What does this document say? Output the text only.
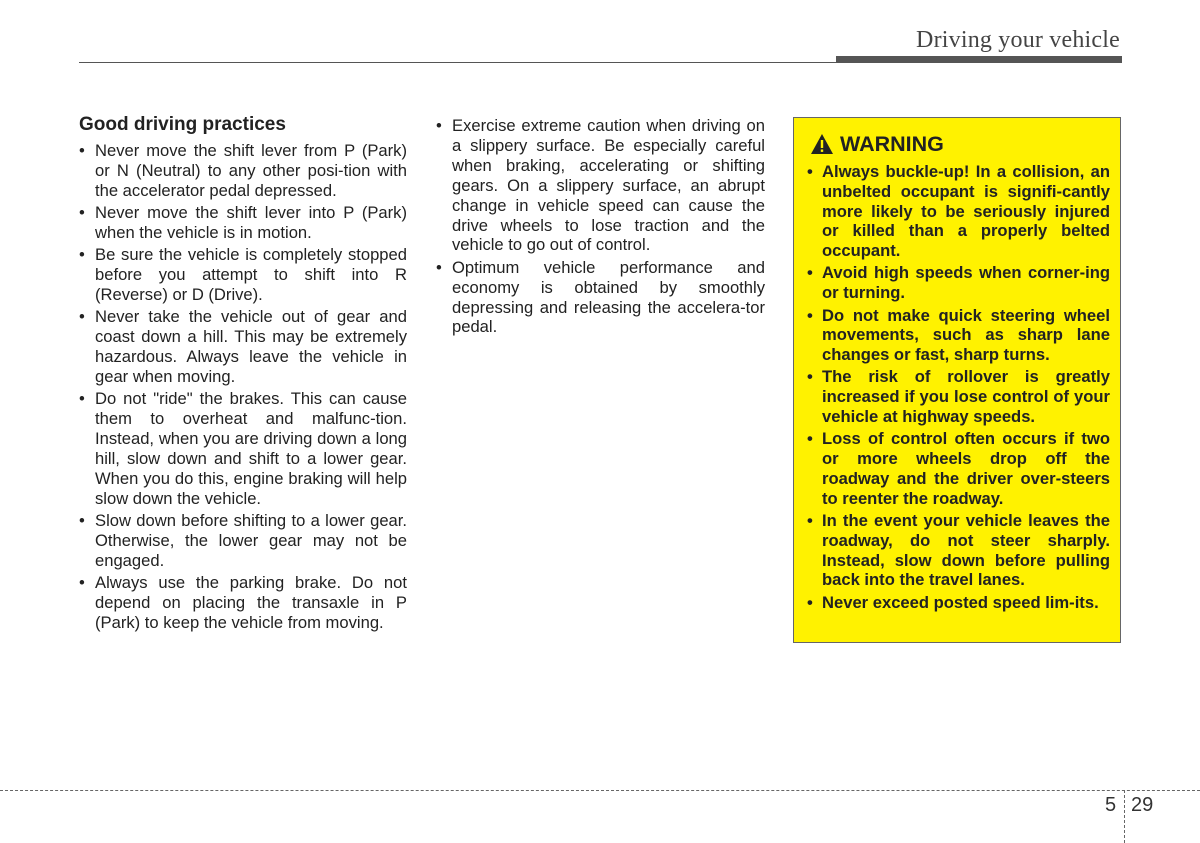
Driving your vehicle
Good driving practices
• Never move the shift lever from P (Park) or N (Neutral) to any other posi-tion with the accelerator pedal depressed.
• Never move the shift lever into P (Park) when the vehicle is in motion.
• Be sure the vehicle is completely stopped before you attempt to shift into R (Reverse) or D (Drive).
• Never take the vehicle out of gear and coast down a hill. This may be extremely hazardous. Always leave the vehicle in gear when moving.
• Do not "ride" the brakes. This can cause them to overheat and malfunc-tion. Instead, when you are driving down a long hill, slow down and shift to a lower gear. When you do this, engine braking will help slow down the vehicle.
• Slow down before shifting to a lower gear. Otherwise, the lower gear may not be engaged.
• Always use the parking brake. Do not depend on placing the transaxle in P (Park) to keep the vehicle from moving.
• Exercise extreme caution when driving on a slippery surface. Be especially careful when braking, accelerating or shifting gears. On a slippery surface, an abrupt change in vehicle speed can cause the drive wheels to lose traction and the vehicle to go out of control.
• Optimum vehicle performance and economy is obtained by smoothly depressing and releasing the accelera-tor pedal.
WARNING
• Always buckle-up! In a collision, an unbelted occupant is signifi-cantly more likely to be seriously injured or killed than a properly belted occupant.
• Avoid high speeds when corner-ing or turning.
• Do not make quick steering wheel movements, such as sharp lane changes or fast, sharp turns.
• The risk of rollover is greatly increased if you lose control of your vehicle at highway speeds.
• Loss of control often occurs if two or more wheels drop off the roadway and the driver over-steers to reenter the roadway.
• In the event your vehicle leaves the roadway, do not steer sharply. Instead, slow down before pulling back into the travel lanes.
• Never exceed posted speed lim-its.
5 29
